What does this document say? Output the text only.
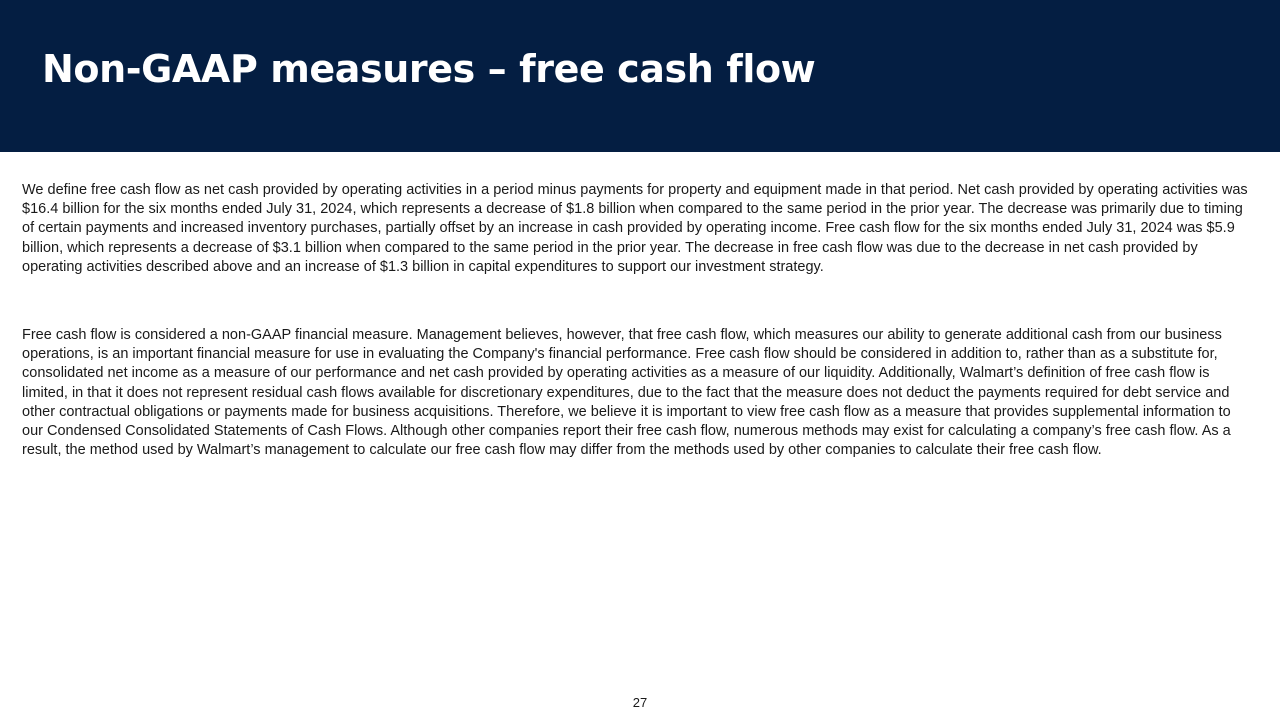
Non-GAAP measures – free cash flow

We define free cash flow as net cash provided by operating activities in a period minus payments for property and equipment made in that period. Net cash provided by operating activities was $16.4 billion for the six months ended July 31, 2024, which represents a decrease of $1.8 billion when compared to the same period in the prior year. The decrease was primarily due to timing of certain payments and increased inventory purchases, partially offset by an increase in cash provided by operating income. Free cash flow for the six months ended July 31, 2024 was $5.9 billion, which represents a decrease of $3.1 billion when compared to the same period in the prior year. The decrease in free cash flow was due to the decrease in net cash provided by operating activities described above and an increase of $1.3 billion in capital expenditures to support our investment strategy.

Free cash flow is considered a non-GAAP financial measure. Management believes, however, that free cash flow, which measures our ability to generate additional cash from our business operations, is an important financial measure for use in evaluating the Company's financial performance. Free cash flow should be considered in addition to, rather than as a substitute for, consolidated net income as a measure of our performance and net cash provided by operating activities as a measure of our liquidity. Additionally, Walmart’s definition of free cash flow is limited, in that it does not represent residual cash flows available for discretionary expenditures, due to the fact that the measure does not deduct the payments required for debt service and other contractual obligations or payments made for business acquisitions. Therefore, we believe it is important to view free cash flow as a measure that provides supplemental information to our Condensed Consolidated Statements of Cash Flows. Although other companies report their free cash flow, numerous methods may exist for calculating a company’s free cash flow. As a result, the method used by Walmart’s management to calculate our free cash flow may differ from the methods used by other companies to calculate their free cash flow.

27
